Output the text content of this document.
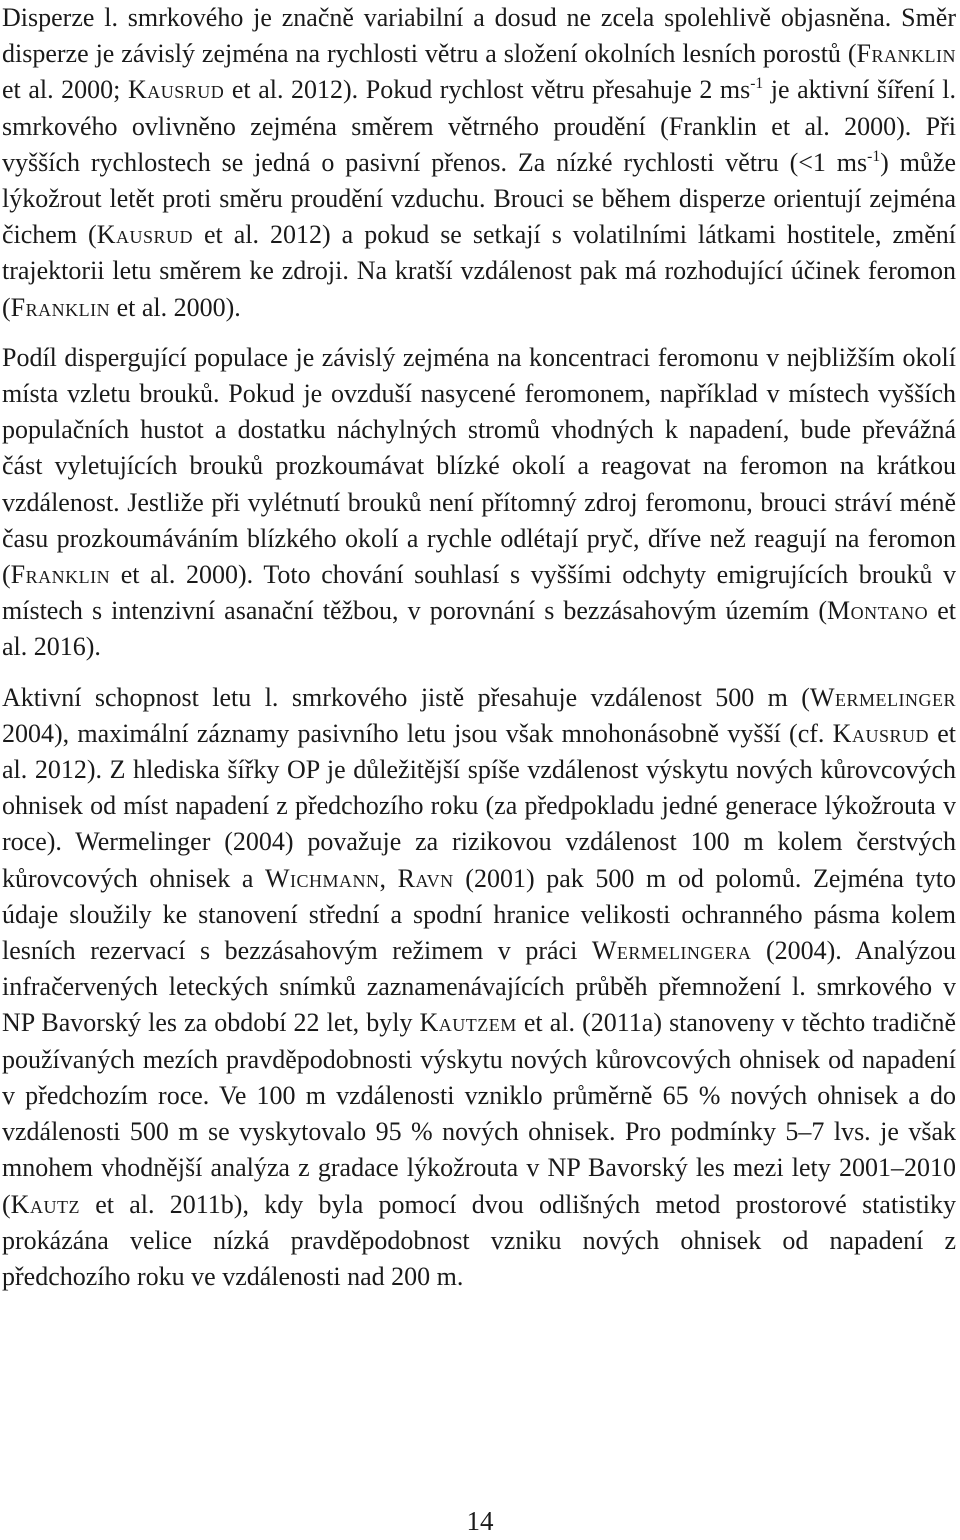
Disperze l. smrkového je značně variabilní a dosud ne zcela spolehlivě objasněna. Směr disperze je závislý zejména na rychlosti větru a složení okolních lesních porostů (Franklin et al. 2000; Kausrud et al. 2012). Pokud rychlost větru přesahuje 2 $ms^{-1}$ je aktivní šíření l. smrkového ovlivněno zejména směrem větrného proudění (Franklin et al. 2000). Při vyšších rychlostech se jedná o pasivní přenos. Za nízké rychlosti větru (<1 $ms^{-1}$) může lýkožrout letět proti směru proudění vzduchu. Brouci se během disperze orientují zejména čichem (Kausrud et al. 2012) a pokud se setkají s volatilními látkami hostitele, změní trajektorii letu směrem ke zdroji. Na kratší vzdálenost pak má rozhodující účinek feromon (Franklin et al. 2000).

Podíl dispergující populace je závislý zejména na koncentraci feromonu v nejbližším okolí místa vzletu brouků. Pokud je ovzduší nasycené feromonem, například v místech vyšších populačních hustot a dostatku náchylných stromů vhodných k napadení, bude převážná část vyletujících brouků prozkoumávat blízké okolí a reagovat na feromon na krátkou vzdálenost. Jestliže při vylétnutí brouků není přítomný zdroj feromonu, brouci stráví méně času prozkoumáváním blízkého okolí a rychle odlétají pryč, dříve než reagují na feromon (Franklin et al. 2000). Toto chování souhlasí s vyššími odchyty emigrujících brouků v místech s intenzivní asanační těžbou, v porovnání s bezzásahovým územím (Montano et al. 2016).

Aktivní schopnost letu l. smrkového jistě přesahuje vzdálenost 500 m (Wermelinger 2004), maximální záznamy pasivního letu jsou však mnohonásobně vyšší (cf. Kausrud et al. 2012). Z hlediska šířky OP je důležitější spíše vzdálenost výskytu nových kůrovcových ohnisek od míst napadení z předchozího roku (za předpokladu jedné generace lýkožrouta v roce). Wermelinger (2004) považuje za rizikovou vzdálenost 100 m kolem čerstvých kůrovcových ohnisek a Wichmann, Ravn (2001) pak 500 m od polomů. Zejména tyto údaje sloužily ke stanovení střední a spodní hranice velikosti ochranného pásma kolem lesních rezervací s bezzásahovým režimem v práci Wermelingera (2004). Analýzou infračervených leteckých snímků zaznamenávajících průběh přemnožení l. smrkového v NP Bavorský les za období 22 let, byly Kautzem et al. (2011a) stanoveny v těchto tradičně používaných mezích pravděpodobnosti výskytu nových kůrovcových ohnisek od napadení v předchozím roce. Ve 100 m vzdálenosti vzniklo průměrně 65 % nových ohnisek a do vzdálenosti 500 m se vyskytovalo 95 % nových ohnisek. Pro podmínky 5–7 lvs. je však mnohem vhodnější analýza z gradace lýkožrouta v NP Bavorský les mezi lety 2001–2010 (Kautz et al. 2011b), kdy byla pomocí dvou odlišných metod prostorové statistiky prokázána velice nízká pravděpodobnost vzniku nových ohnisek od napadení z předchozího roku ve vzdálenosti nad 200 m.

14
